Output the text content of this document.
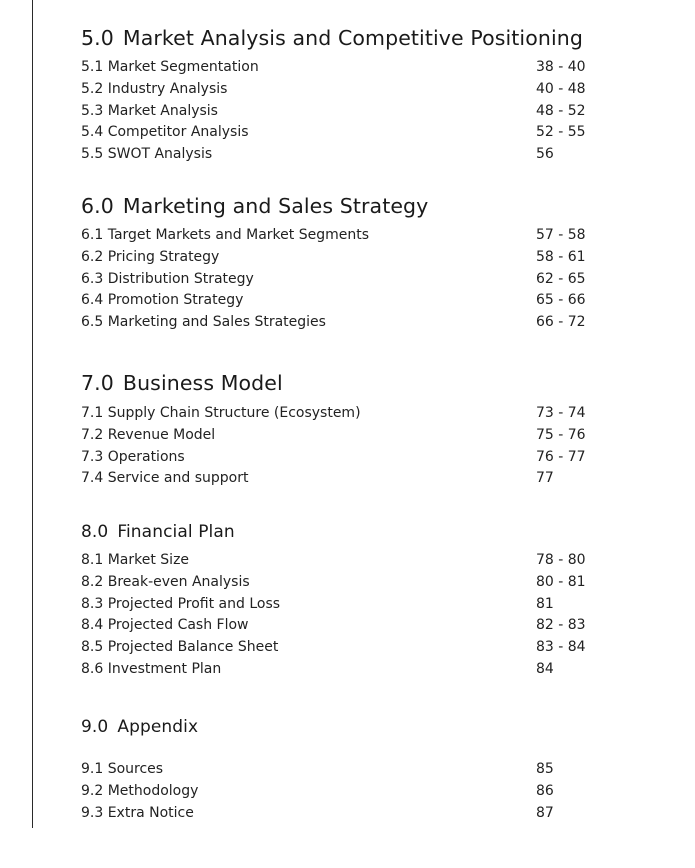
5.0 Market Analysis and Competitive Positioning
5.1 Market Segmentation	38 - 40
5.2 Industry Analysis	40 - 48
5.3 Market Analysis	48 - 52
5.4 Competitor Analysis	52 - 55
5.5 SWOT Analysis	56
6.0 Marketing and Sales Strategy
6.1 Target Markets and Market Segments	57 - 58
6.2 Pricing Strategy	58 - 61
6.3 Distribution Strategy	62 - 65
6.4 Promotion Strategy	65 - 66
6.5 Marketing and Sales Strategies	66 - 72
7.0 Business Model
7.1 Supply Chain Structure (Ecosystem)	73 - 74
7.2 Revenue Model	75 - 76
7.3 Operations	76 - 77
7.4 Service and support	77
8.0 Financial Plan
8.1 Market Size	78 - 80
8.2 Break-even Analysis	80 - 81
8.3 Projected Profit and Loss	81
8.4 Projected Cash Flow	82 - 83
8.5 Projected Balance Sheet	83 - 84
8.6 Investment Plan	84
9.0 Appendix
9.1 Sources	85
9.2 Methodology	86
9.3 Extra Notice	87
